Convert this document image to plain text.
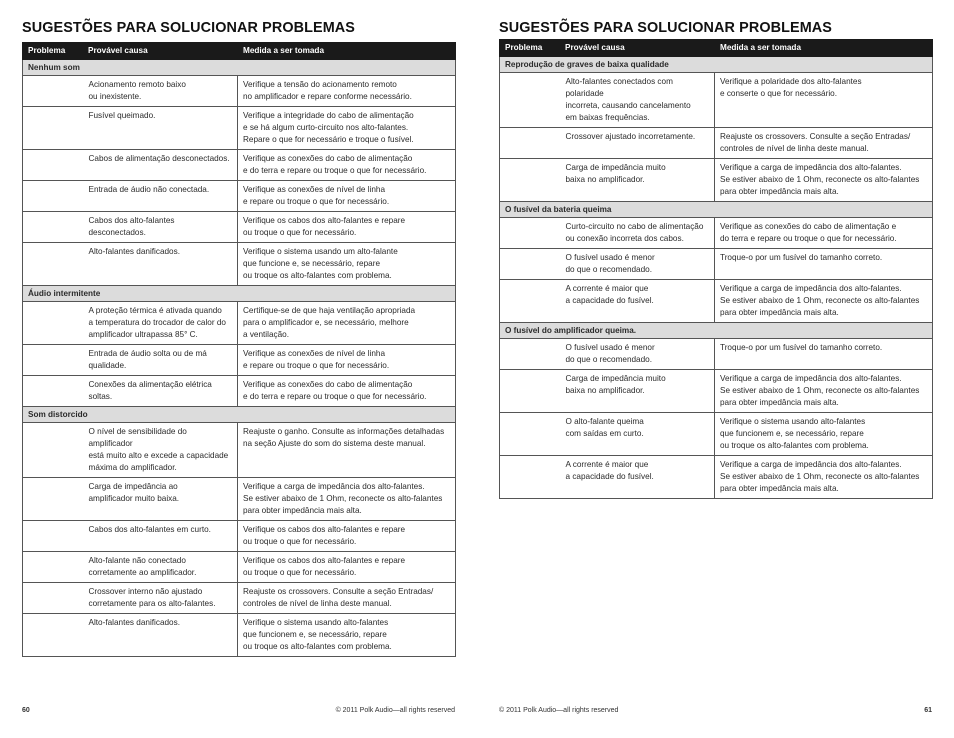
SUGESTÕES PARA SOLUCIONAR PROBLEMAS
Problema	Provável causa	Medida a ser tomada
Nenhum som		
	Acionamento remoto baixo
ou inexistente.	Verifique a tensão do acionamento remoto
no amplificador e repare conforme necessário.
	Fusível queimado.	Verifique a integridade do cabo de alimentação
e se há algum curto-circuito nos alto-falantes.
Repare o que for necessário e troque o fusível.
	Cabos de alimentação desconectados.	Verifique as conexões do cabo de alimentação
e do terra e repare ou troque o que for necessário.
	Entrada de áudio não conectada.	Verifique as conexões de nível de linha
e repare ou troque o que for necessário.
	Cabos dos alto-falantes desconectados.	Verifique os cabos dos alto-falantes e repare
ou troque o que for necessário.
	Alto-falantes danificados.	Verifique o sistema usando um alto-falante
que funcione e, se necessário, repare
ou troque os alto-falantes com problema.
Áudio intermitente		
	A proteção térmica é ativada quando
a temperatura do trocador de calor do
amplificador ultrapassa 85° C.	Certifique-se de que haja ventilação apropriada
para o amplificador e, se necessário, melhore
a ventilação.
	Entrada de áudio solta ou de má
qualidade.	Verifique as conexões de nível de linha
e repare ou troque o que for necessário.
	Conexões da alimentação elétrica soltas.	Verifique as conexões do cabo de alimentação
e do terra e repare ou troque o que for necessário.
Som distorcido		
	O nível de sensibilidade do amplificador
está muito alto e excede a capacidade
máxima do amplificador.	Reajuste o ganho. Consulte as informações detalhadas
na seção Ajuste do som do sistema deste manual.
	Carga de impedância ao
amplificador muito baixa.	Verifique a carga de impedância dos alto-falantes.
Se estiver abaixo de 1 Ohm, reconecte os alto-falantes
para obter impedância mais alta.
	Cabos dos alto-falantes em curto.	Verifique os cabos dos alto-falantes e repare
ou troque o que for necessário.
	Alto-falante não conectado
corretamente ao amplificador.	Verifique os cabos dos alto-falantes e repare
ou troque o que for necessário.

	Crossover interno não ajustado
corretamente para os alto-falantes.	Reajuste os crossovers. Consulte a seção Entradas/
controles de nível de linha deste manual.
	Alto-falantes danificados.	Verifique o sistema usando alto-falantes
que funcionem e, se necessário, repare
ou troque os alto-falantes com problema.
60	© 2011 Polk Audio—all rights reserved
SUGESTÕES PARA SOLUCIONAR PROBLEMAS
Problema	Provável causa	Medida a ser tomada
Reprodução de graves de baixa qualidade		
	Alto-falantes conectados com polaridade
incorreta, causando cancelamento
em baixas frequências.	Verifique a polaridade dos alto-falantes
e conserte o que for necessário.
	Crossover ajustado incorretamente.	Reajuste os crossovers. Consulte a seção Entradas/
controles de nível de linha deste manual.
	Carga de impedância muito
baixa no amplificador.	Verifique a carga de impedância dos alto-falantes.
Se estiver abaixo de 1 Ohm, reconecte os alto-falantes
para obter impedância mais alta.
O fusível da bateria queima		
	Curto-circuito no cabo de alimentação
ou conexão incorreta dos cabos.	Verifique as conexões do cabo de alimentação e
do terra e repare ou troque o que for necessário.
	O fusível usado é menor
do que o recomendado.	Troque-o por um fusível do tamanho correto.
	A corrente é maior que
a capacidade do fusível.	Verifique a carga de impedância dos alto-falantes.
Se estiver abaixo de 1 Ohm, reconecte os alto-falantes
para obter impedância mais alta.
O fusível do amplificador queima.		
	O fusível usado é menor
do que o recomendado.	Troque-o por um fusível do tamanho correto.
	Carga de impedância muito
baixa no amplificador.	Verifique a carga de impedância dos alto-falantes.
Se estiver abaixo de 1 Ohm, reconecte os alto-falantes
para obter impedância mais alta.
	O alto-falante queima
com saídas em curto.	Verifique o sistema usando alto-falantes
que funcionem e, se necessário, repare
ou troque os alto-falantes com problema.
	A corrente é maior que
a capacidade do fusível.	Verifique a carga de impedância dos alto-falantes.
Se estiver abaixo de 1 Ohm, reconecte os alto-falantes
para obter impedância mais alta.
© 2011 Polk Audio—all rights reserved	61
